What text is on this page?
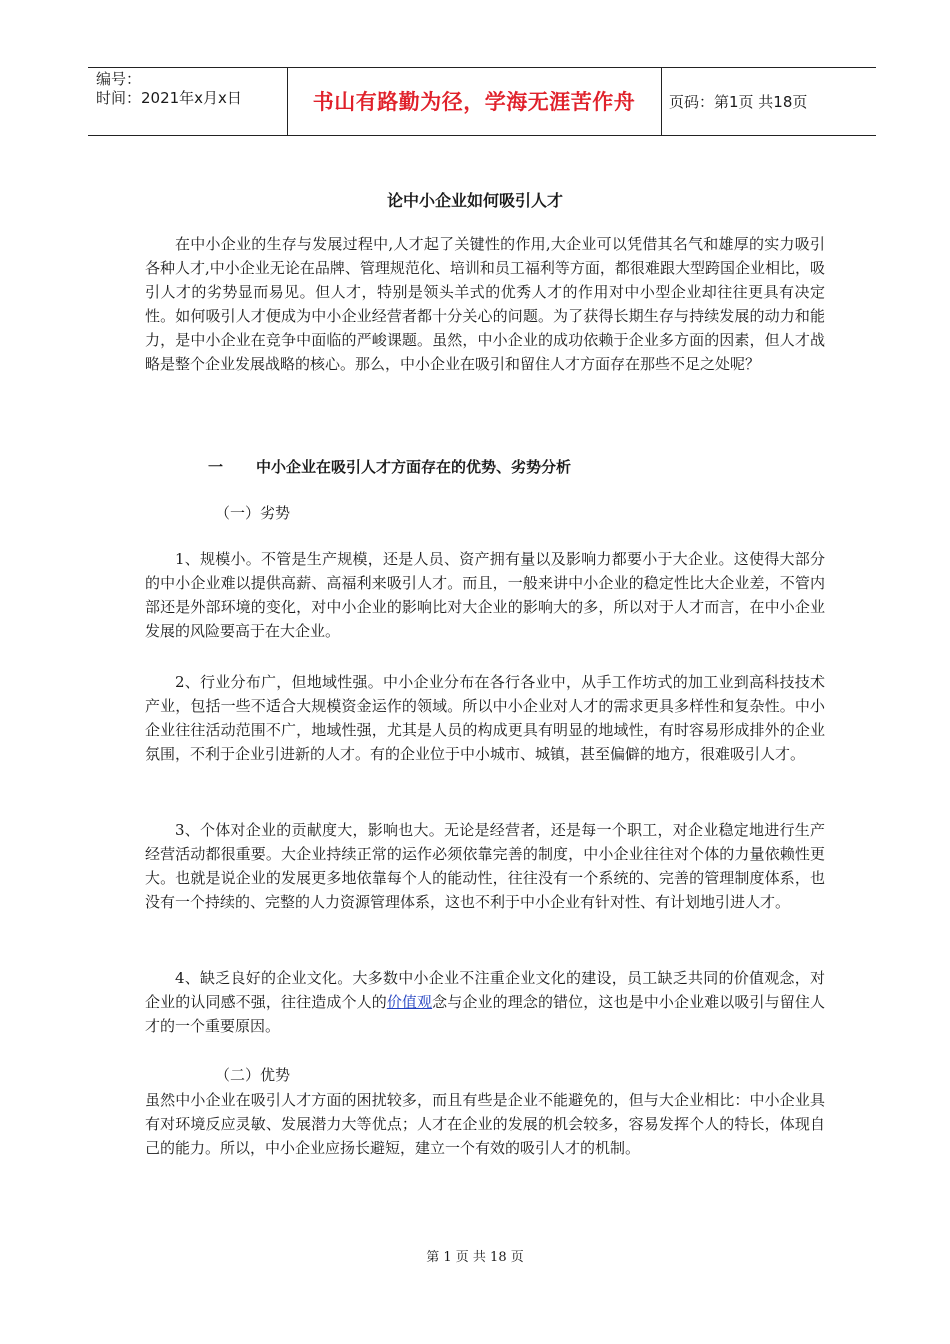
编号：
时间：2021年x月x日	书山有路勤为径，学海无涯苦作舟	页码：第1页 共18页
论中小企业如何吸引人才

在中小企业的生存与发展过程中,人才起了关键性的作用,大企业可以凭借其名气和雄厚的实力吸引各种人才,中小企业无论在品牌、管理规范化、培训和员工福利等方面，都很难跟大型跨国企业相比，吸引人才的劣势显而易见。但人才，特别是领头羊式的优秀人才的作用对中小型企业却往往更具有决定性。如何吸引人才便成为中小企业经营者都十分关心的问题。为了获得长期生存与持续发展的动力和能力，是中小企业在竞争中面临的严峻课题。虽然，中小企业的成功依赖于企业多方面的因素，但人才战略是整个企业发展战略的核心。那么，中小企业在吸引和留住人才方面存在那些不足之处呢？

一 中小企业在吸引人才方面存在的优势、劣势分析
（一）劣势

1、规模小。不管是生产规模，还是人员、资产拥有量以及影响力都要小于大企业。这使得大部分的中小企业难以提供高薪、高福利来吸引人才。而且，一般来讲中小企业的稳定性比大企业差，不管内部还是外部环境的变化，对中小企业的影响比对大企业的影响大的多，所以对于人才而言，在中小企业发展的风险要高于在大企业。

2、行业分布广，但地域性强。中小企业分布在各行各业中，从手工作坊式的加工业到高科技技术产业，包括一些不适合大规模资金运作的领域。所以中小企业对人才的需求更具多样性和复杂性。中小企业往往活动范围不广，地域性强，尤其是人员的构成更具有明显的地域性，有时容易形成排外的企业氛围，不利于企业引进新的人才。有的企业位于中小城市、城镇，甚至偏僻的地方，很难吸引人才。

3、个体对企业的贡献度大，影响也大。无论是经营者，还是每一个职工，对企业稳定地进行生产经营活动都很重要。大企业持续正常的运作必须依靠完善的制度，中小企业往往对个体的力量依赖性更大。也就是说企业的发展更多地依靠每个人的能动性，往往没有一个系统的、完善的管理制度体系，也没有一个持续的、完整的人力资源管理体系，这也不利于中小企业有针对性、有计划地引进人才。

4、缺乏良好的企业文化。大多数中小企业不注重企业文化的建设，员工缺乏共同的价值观念，对企业的认同感不强，往往造成个人的价值观念与企业的理念的错位，这也是中小企业难以吸引与留住人才的一个重要原因。

（二）优势

虽然中小企业在吸引人才方面的困扰较多，而且有些是企业不能避免的，但与大企业相比：中小企业具有对环境反应灵敏、发展潜力大等优点；人才在企业的发展的机会较多，容易发挥个人的特长，体现自己的能力。所以，中小企业应扬长避短，建立一个有效的吸引人才的机制。

第 1 页 共 18 页
